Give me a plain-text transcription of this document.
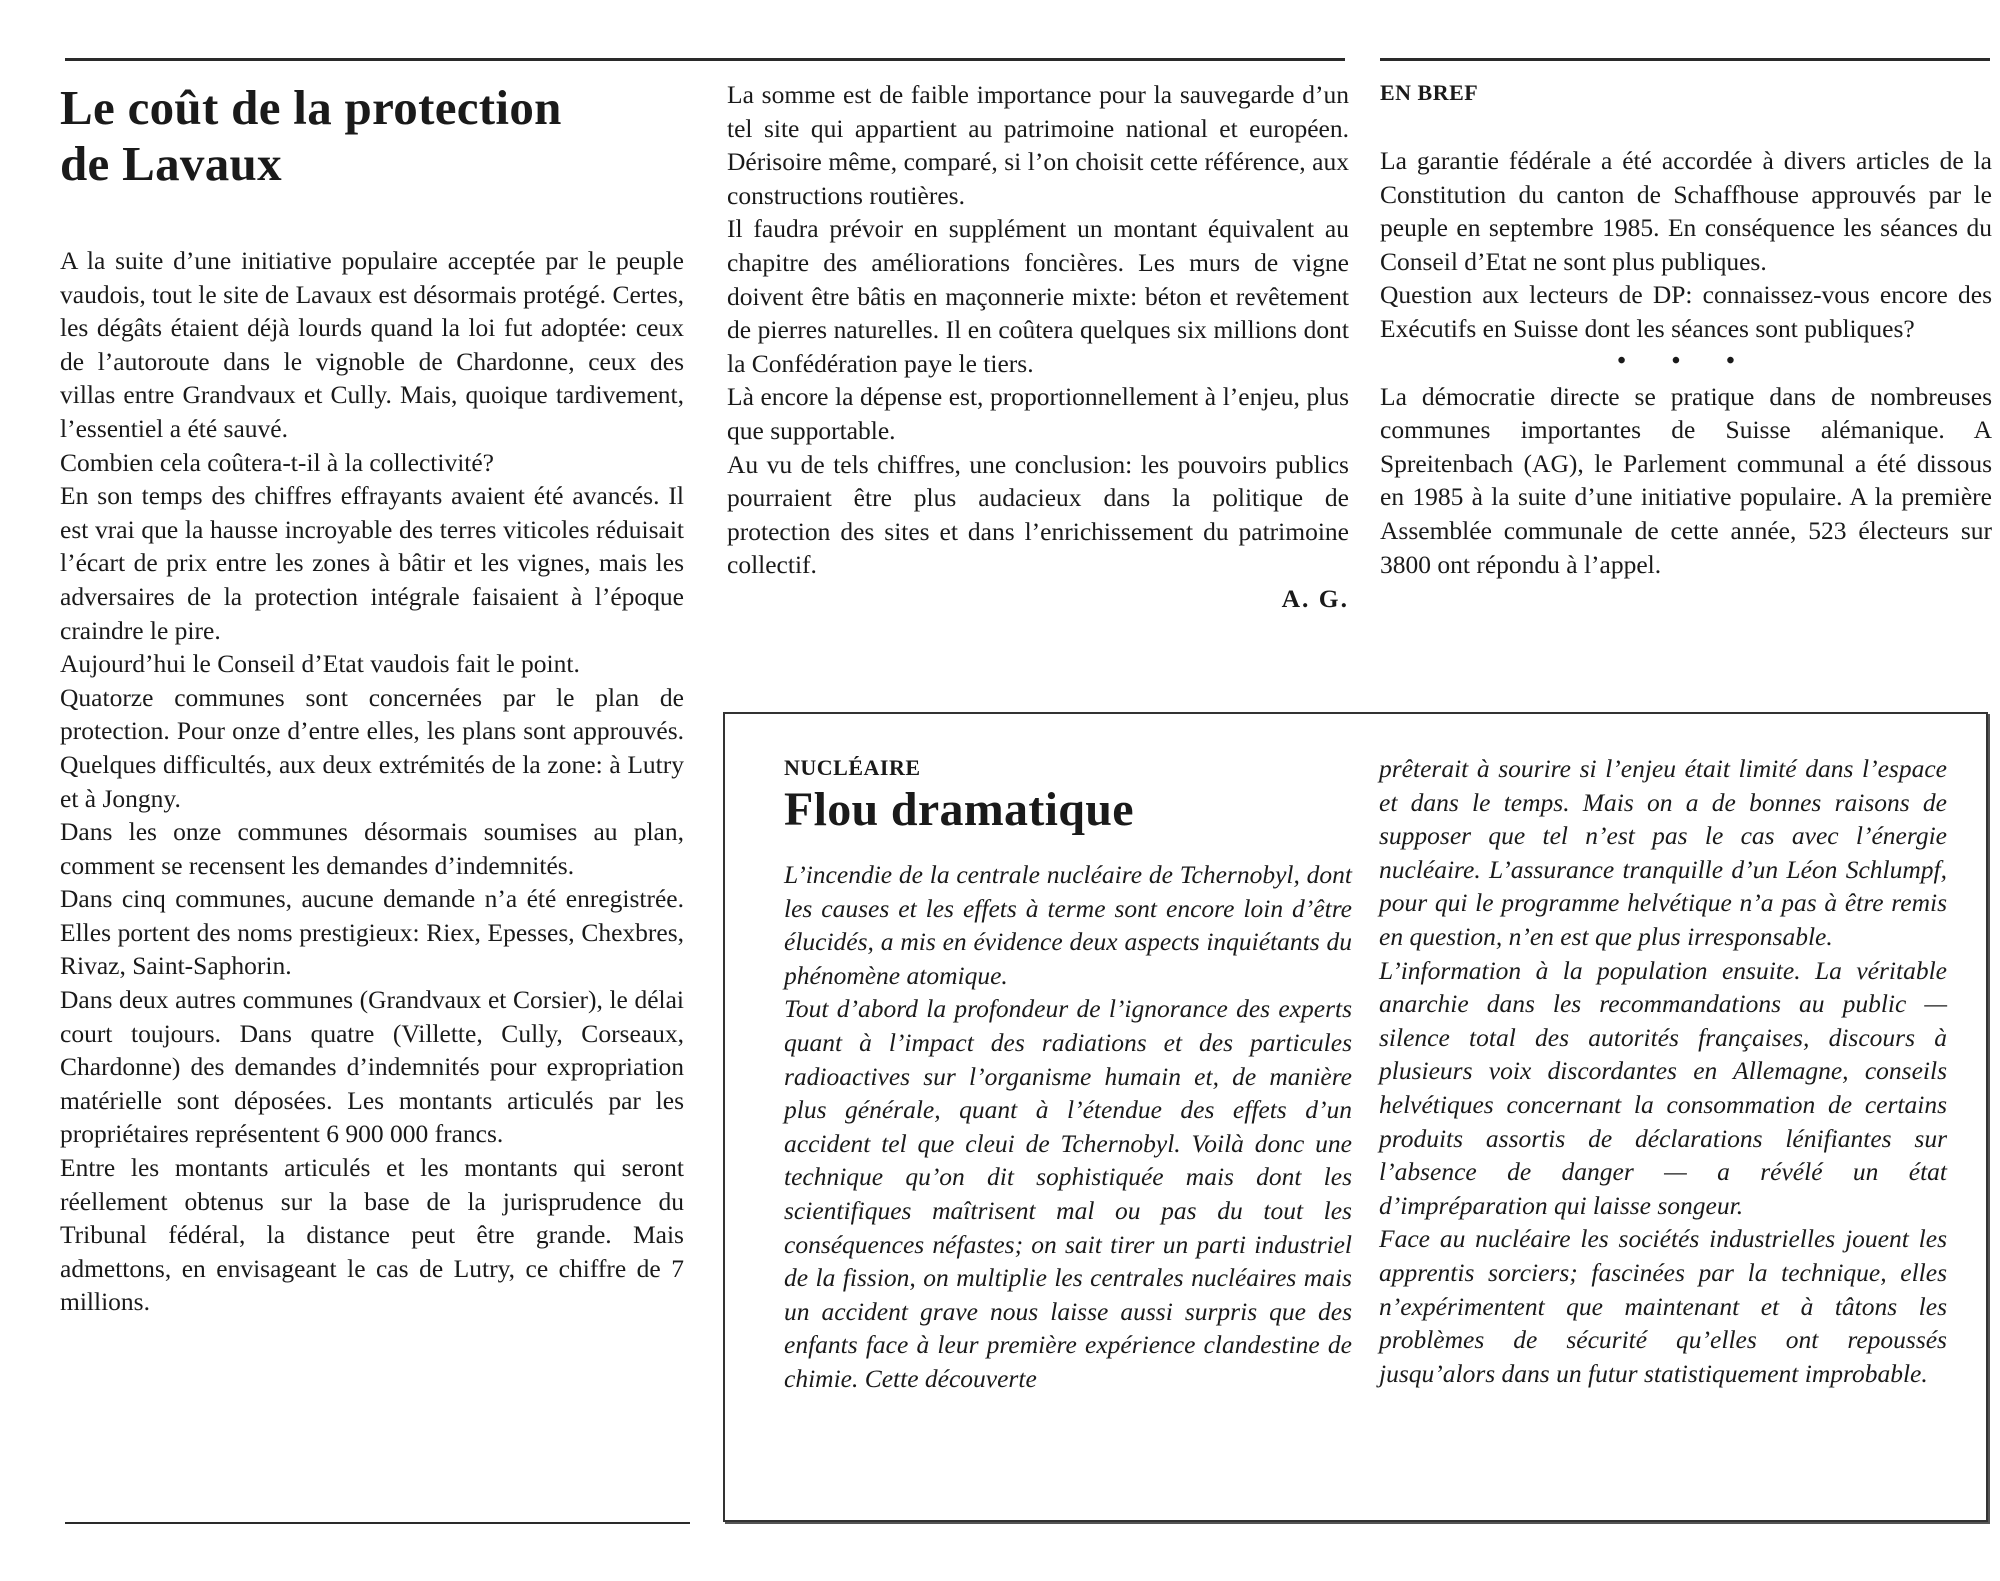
Le coût de la protection
de Lavaux

A la suite d’une initiative populaire acceptée par le peuple vaudois, tout le site de Lavaux est désormais protégé. Certes, les dégâts étaient déjà lourds quand la loi fut adoptée: ceux de l’autoroute dans le vignoble de Chardonne, ceux des villas entre Grandvaux et Cully. Mais, quoique tardivement, l’essentiel a été sauvé.

Combien cela coûtera-t-il à la collectivité?

En son temps des chiffres effrayants avaient été avancés. Il est vrai que la hausse incroyable des terres viticoles réduisait l’écart de prix entre les zones à bâtir et les vignes, mais les adversaires de la protection intégrale faisaient à l’époque craindre le pire.

Aujourd’hui le Conseil d’Etat vaudois fait le point.

Quatorze communes sont concernées par le plan de protection. Pour onze d’entre elles, les plans sont approuvés. Quelques difficultés, aux deux extrémités de la zone: à Lutry et à Jongny.

Dans les onze communes désormais soumises au plan, comment se recensent les demandes d’indemnités.

Dans cinq communes, aucune demande n’a été enregistrée. Elles portent des noms prestigieux: Riex, Epesses, Chexbres, Rivaz, Saint-Saphorin.

Dans deux autres communes (Grandvaux et Corsier), le délai court toujours. Dans quatre (Villette, Cully, Corseaux, Chardonne) des demandes d’indemnités pour expropriation matérielle sont déposées. Les montants articulés par les propriétaires représentent 6 900 000 francs.

Entre les montants articulés et les montants qui seront réellement obtenus sur la base de la jurisprudence du Tribunal fédéral, la distance peut être grande. Mais admettons, en envisageant le cas de Lutry, ce chiffre de 7 millions.

La somme est de faible importance pour la sauvegarde d’un tel site qui appartient au patrimoine national et européen. Dérisoire même, comparé, si l’on choisit cette référence, aux constructions routières.

Il faudra prévoir en supplément un montant équivalent au chapitre des améliorations foncières. Les murs de vigne doivent être bâtis en maçonnerie mixte: béton et revêtement de pierres naturelles. Il en coûtera quelques six millions dont la Confédération paye le tiers.

Là encore la dépense est, proportionnellement à l’enjeu, plus que supportable.

Au vu de tels chiffres, une conclusion: les pouvoirs publics pourraient être plus audacieux dans la politique de protection des sites et dans l’enrichissement du patrimoine collectif.

A. G.

EN BREF

La garantie fédérale a été accordée à divers articles de la Constitution du canton de Schaffhouse approuvés par le peuple en septembre 1985. En conséquence les séances du Conseil d’Etat ne sont plus publiques.

Question aux lecteurs de DP: connaissez-vous encore des Exécutifs en Suisse dont les séances sont publiques?

• • •

La démocratie directe se pratique dans de nombreuses communes importantes de Suisse alémanique. A Spreitenbach (AG), le Parlement communal a été dissous en 1985 à la suite d’une initiative populaire. A la première Assemblée communale de cette année, 523 électeurs sur 3800 ont répondu à l’appel.

NUCLÉAIRE

Flou dramatique

L’incendie de la centrale nucléaire de Tchernobyl, dont les causes et les effets à terme sont encore loin d’être élucidés, a mis en évidence deux aspects inquiétants du phénomène atomique.

Tout d’abord la profondeur de l’ignorance des experts quant à l’impact des radiations et des particules radioactives sur l’organisme humain et, de manière plus générale, quant à l’étendue des effets d’un accident tel que cleui de Tchernobyl. Voilà donc une technique qu’on dit sophistiquée mais dont les scientifiques maîtrisent mal ou pas du tout les conséquences néfastes; on sait tirer un parti industriel de la fission, on multiplie les centrales nucléaires mais un accident grave nous laisse aussi surpris que des enfants face à leur première expérience clandestine de chimie. Cette découverte

prêterait à sourire si l’enjeu était limité dans l’espace et dans le temps. Mais on a de bonnes raisons de supposer que tel n’est pas le cas avec l’énergie nucléaire. L’assurance tranquille d’un Léon Schlumpf, pour qui le programme helvétique n’a pas à être remis en question, n’en est que plus irresponsable.

L’information à la population ensuite. La véritable anarchie dans les recommandations au public — silence total des autorités françaises, discours à plusieurs voix discordantes en Allemagne, conseils helvétiques concernant la consommation de certains produits assortis de déclarations lénifiantes sur l’absence de danger — a révélé un état d’impréparation qui laisse songeur.

Face au nucléaire les sociétés industrielles jouent les apprentis sorciers; fascinées par la technique, elles n’expérimentent que maintenant et à tâtons les problèmes de sécurité qu’elles ont repoussés jusqu’alors dans un futur statistiquement improbable.
